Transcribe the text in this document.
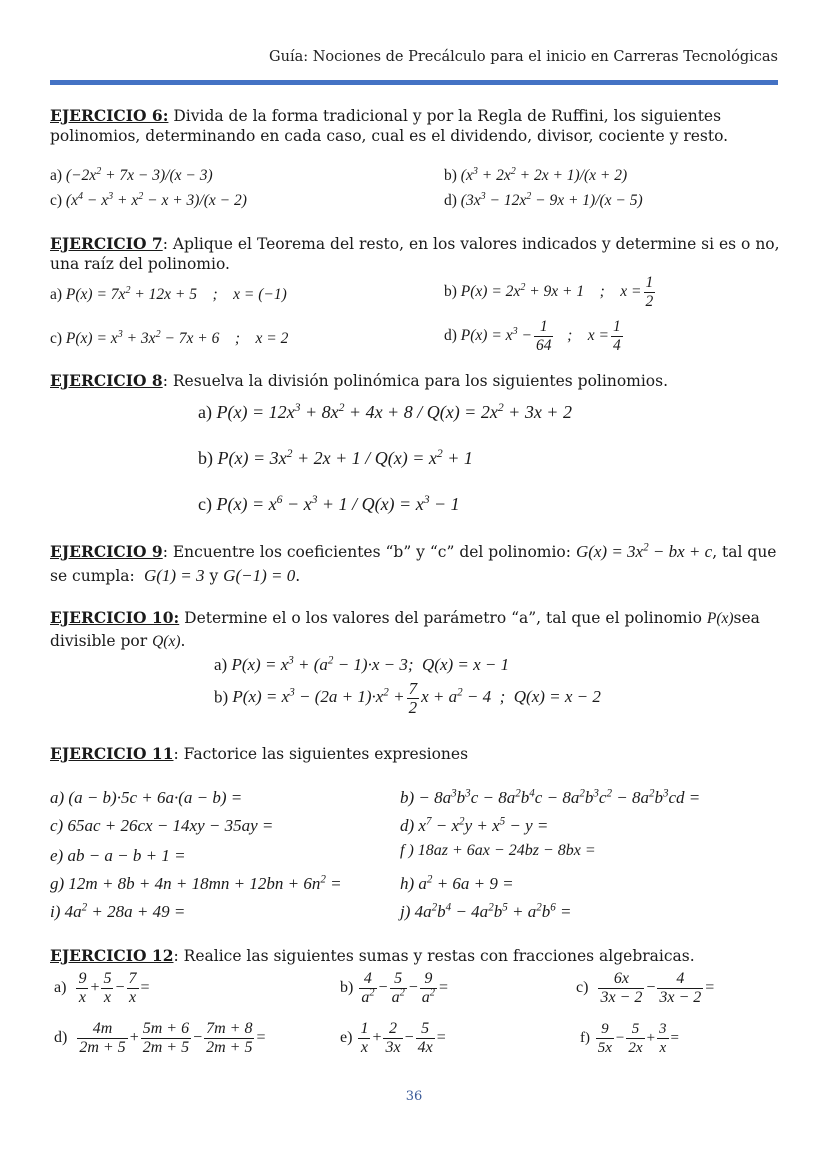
Guía: Nociones de Precálculo para el inicio en Carreras Tecnológicas
EJERCICIO 6: Divida de la forma tradicional y por la Regla de Ruffini, los siguientes polinomios, determinando en cada caso, cual es el dividendo, divisor, cociente y resto.
a) $(-2x^2 + 7x - 3)/(x - 3)$	b) $(x^3 + 2x^2 + 2x + 1)/(x + 2)$
c) $(x^4 - x^3 + x^2 - x + 3)/(x - 2)$	d) $(3x^3 - 12x^2 - 9x + 1)/(x - 5)$
EJERCICIO 7: Aplique el Teorema del resto, en los valores indicados y determine si es o no, una raíz del polinomio.
a) $P(x) = 7x^2 + 12x + 5$    ;    x = (−1)	b) $P(x) = 2x^2 + 9x + 1$    ;    $x = \frac{1}{2}$
c) $P(x) = x^3 + 3x^2 - 7x + 6$    ;    x = 2	d) $P(x) = x^3 - \frac{1}{64}$ ;    $x = \frac{1}{4}$
EJERCICIO 8: Resuelva la división polinómica para los siguientes polinomios.
a) $P(x) = 12x^3 + 8x^2 + 4x + 8 / Q(x) = 2x^2 + 3x + 2$
b) $P(x) = 3x^2 + 2x + 1 / Q(x) = x^2 + 1$
c) $P(x) = x^6 - x^3 + 1 / Q(x) = x^3 - 1$
EJERCICIO 9: Encuentre los coeficientes “b” y “c” del polinomio: $G(x) = 3x^2$ − bx + c, tal que se cumpla:  G(1) = 3 y G(−1) = 0.
EJERCICIO 10: Determine el o los valores del parámetro “a”, tal que el polinomio P(x)sea divisible por Q(x).
a) $P(x) = x^3 + (a^2 - 1)\cdot x - 3$;  Q(x) = x − 1
b) $P(x) = x^3 - (2a + 1)\cdot x^2 + \frac{7}{2}$ $x + a^2 - 4$  ;  Q(x) = x − 2
EJERCICIO 11: Factorice las siguientes expresiones
a) (a − b)·5c + 6a·(a − b) =	$b) - 8a^3b^3c - 8a^2b^4c - 8a^2b^3c^2 - 8a^2b^3cd$ =
c) 65ac + 26cx − 14xy − 35ay =	d) $x^7 - x^2y + x^5 - y$ =
e) ab − a − b + 1 =	f ) 18az + 6ax − 24bz − 8bx =
g) $12m + 8b + 4n + 18mn + 12bn + 6n^2$ =	h) $a^2 + 6a + 9$ =
i) $4a^2 + 28a + 49$ =	j) $4a^2b^4 - 4a^2b^5 + a^2b^6$ =
EJERCICIO 12: Realice las siguientes sumas y restas con fracciones algebraicas.
$a) \frac{9}{x} + \frac{5}{x} - \frac{7}{x}$ =	$b) \frac{4}{a^2} - \frac{5}{a^2} - \frac{9}{a^2}$ =	$c) \frac{6x}{3x - 2} - \frac{4}{3x - 2}$ =
$d) \frac{4m}{2m + 5} + \frac{5m + 6}{2m + 5} - \frac{7m + 8}{2m + 5}$ =	$e) \frac{1}{x} + \frac{2}{3x} - \frac{5}{4x}$ =	$f) \frac{9}{5x} - \frac{5}{2x} + \frac{3}{x}$ =
36
